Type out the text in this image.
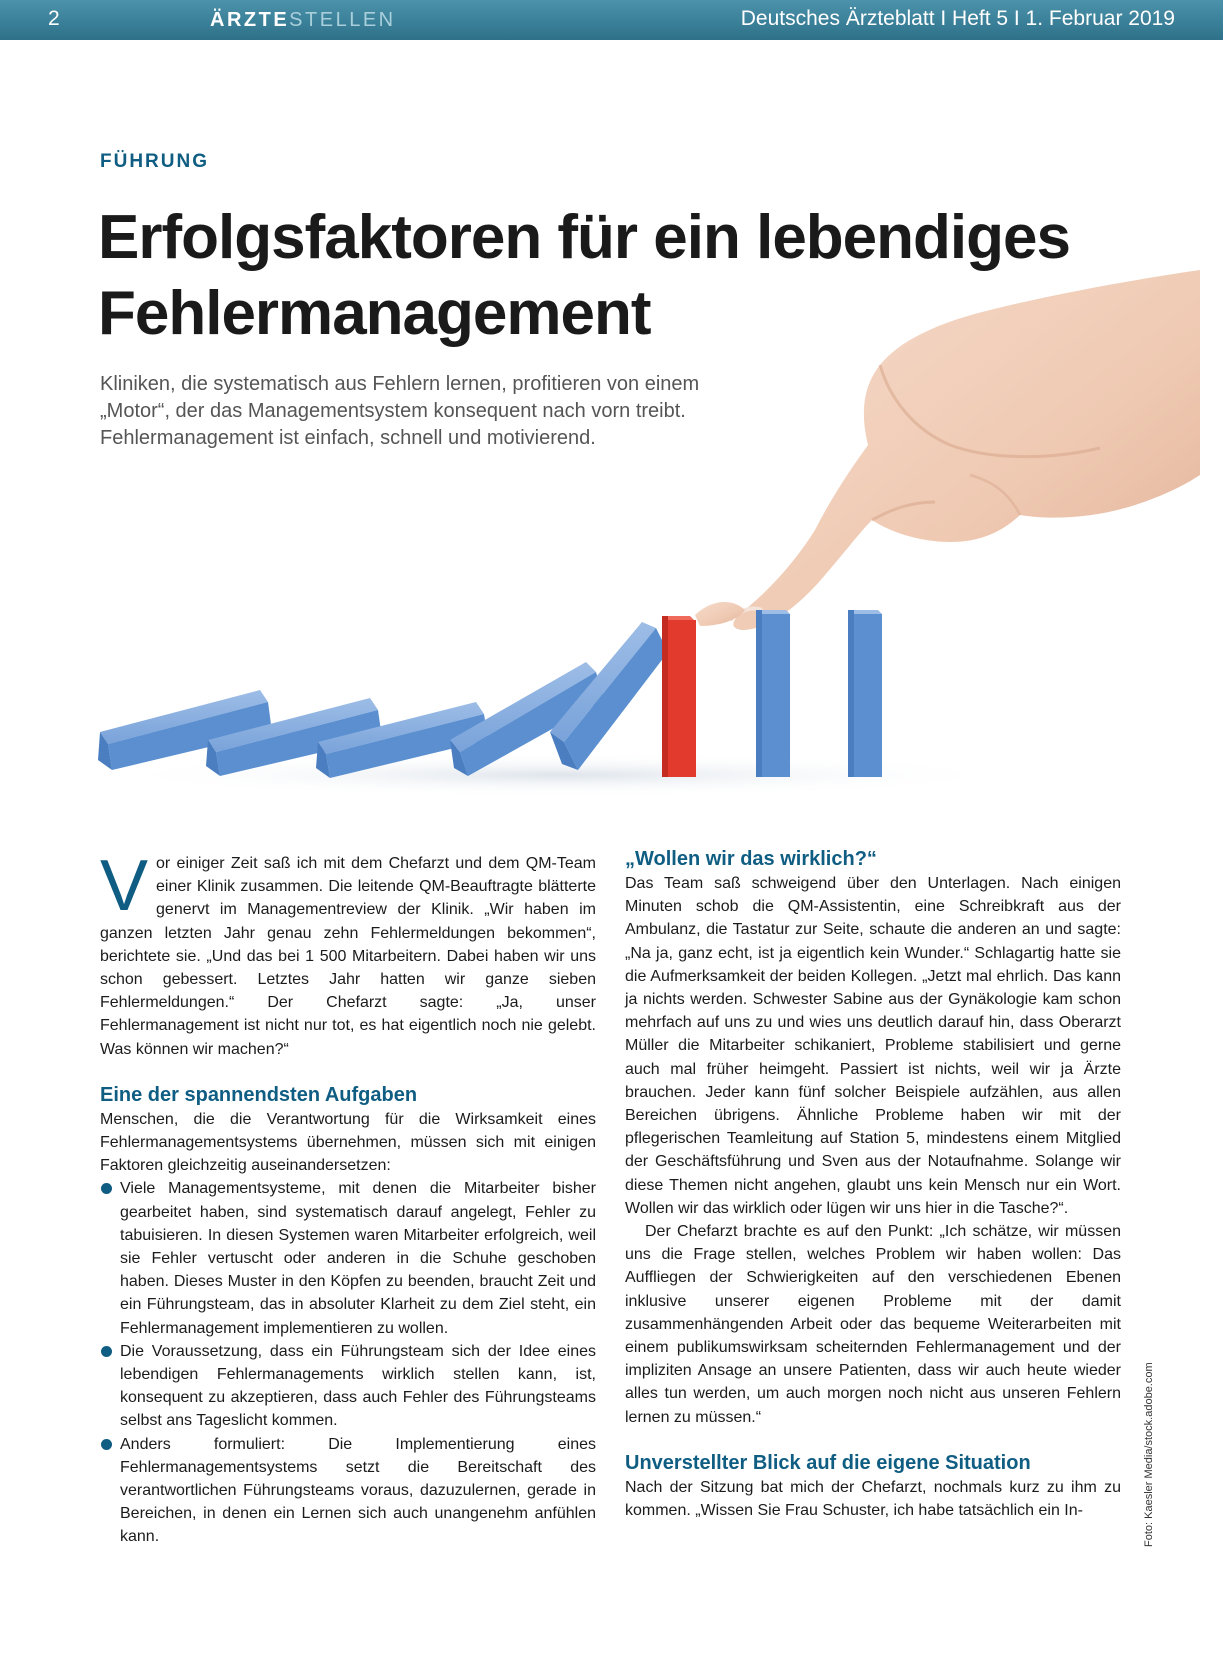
2	ÄRZTESTELLEN	Deutsches Ärzteblatt I Heft 5 I 1. Februar 2019
FÜHRUNG
Erfolgsfaktoren für ein lebendiges
Fehlermanagement
Kliniken, die systematisch aus Fehlern lernen, profitieren von einem „Motor“, der das Managementsystem konsequent nach vorn treibt. Fehlermanagement ist einfach, schnell und motivierend.

Vor einiger Zeit saß ich mit dem Chefarzt und dem QM-Team einer Klinik zusammen. Die leitende QM-Beauftragte blätterte genervt im Managementreview der Klinik. „Wir haben im ganzen letzten Jahr genau zehn Fehlermeldungen bekommen“, berichtete sie. „Und das bei 1 500 Mitarbeitern. Dabei haben wir uns schon gebessert. Letztes Jahr hatten wir ganze sieben Fehlermeldungen.“ Der Chefarzt sagte: „Ja, unser Fehlermanagement ist nicht nur tot, es hat eigentlich noch nie gelebt. Was können wir machen?“

Eine der spannendsten Aufgaben

Menschen, die die Verantwortung für die Wirksamkeit eines Fehlermanagementsystems übernehmen, müssen sich mit einigen Faktoren gleichzeitig auseinandersetzen:

Viele Managementsysteme, mit denen die Mitarbeiter bisher gearbeitet haben, sind systematisch darauf angelegt, Fehler zu tabuisieren. In diesen Systemen waren Mitarbeiter erfolgreich, weil sie Fehler vertuscht oder anderen in die Schuhe geschoben haben. Dieses Muster in den Köpfen zu beenden, braucht Zeit und ein Führungsteam, das in absoluter Klarheit zu dem Ziel steht, ein Fehlermanagement implementieren zu wollen.
Die Voraussetzung, dass ein Führungsteam sich der Idee eines lebendigen Fehlermanagements wirklich stellen kann, ist, konsequent zu akzeptieren, dass auch Fehler des Führungsteams selbst ans Tageslicht kommen.
Anders formuliert: Die Implementierung eines Fehlermanagementsystems setzt die Bereitschaft des verantwortlichen Führungsteams voraus, dazuzulernen, gerade in Bereichen, in denen ein Lernen sich auch unangenehm anfühlen kann.
„Wollen wir das wirklich?“

Das Team saß schweigend über den Unterlagen. Nach einigen Minuten schob die QM-Assistentin, eine Schreibkraft aus der Ambulanz, die Tastatur zur Seite, schaute die anderen an und sagte: „Na ja, ganz echt, ist ja eigentlich kein Wunder.“ Schlagartig hatte sie die Aufmerksamkeit der beiden Kollegen. „Jetzt mal ehrlich. Das kann ja nichts werden. Schwester Sabine aus der Gynäkologie kam schon mehrfach auf uns zu und wies uns deutlich darauf hin, dass Oberarzt Müller die Mitarbeiter schikaniert, Probleme stabilisiert und gerne auch mal früher heimgeht. Passiert ist nichts, weil wir ja Ärzte brauchen. Jeder kann fünf solcher Beispiele aufzählen, aus allen Bereichen übrigens. Ähnliche Probleme haben wir mit der pflegerischen Teamleitung auf Station 5, mindestens einem Mitglied der Geschäftsführung und Sven aus der Notaufnahme. Solange wir diese Themen nicht angehen, glaubt uns kein Mensch nur ein Wort. Wollen wir das wirklich oder lügen wir uns hier in die Tasche?“.

Der Chefarzt brachte es auf den Punkt: „Ich schätze, wir müssen uns die Frage stellen, welches Problem wir haben wollen: Das Auffliegen der Schwierigkeiten auf den verschiedenen Ebenen inklusive unserer eigenen Probleme mit der damit zusammenhängenden Arbeit oder das bequeme Weiterarbeiten mit einem publikumswirksam scheiternden Fehlermanagement und der impliziten Ansage an unsere Patienten, dass wir auch heute wieder alles tun werden, um auch morgen noch nicht aus unseren Fehlern lernen zu müssen.“

Unverstellter Blick auf die eigene Situation

Nach der Sitzung bat mich der Chefarzt, nochmals kurz zu ihm zu kommen. „Wissen Sie Frau Schuster, ich habe tatsächlich ein In-	Foto: Kaesler Media/stock.adobe.com
